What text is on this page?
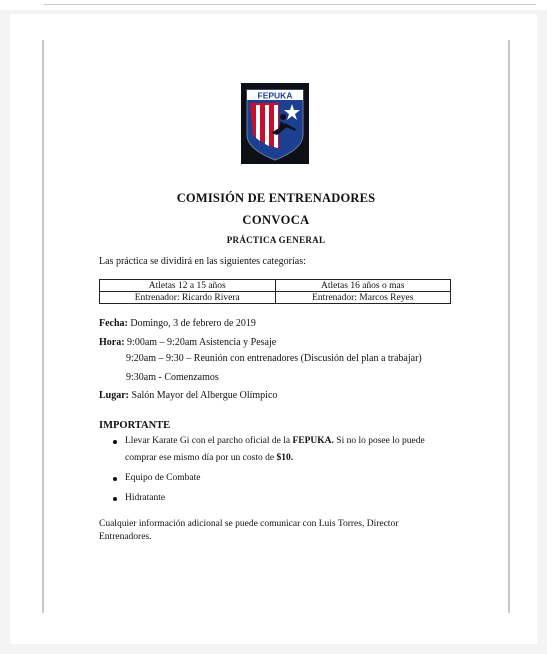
FEPUKA
COMISIÓN DE ENTRENADORES
CONVOCA
PRÁCTICA GENERAL
Las práctica se dividirá en las siguientes categorías:
Atletas 12 a 15 años	Atletas 16 años o mas
Entrenador: Ricardo Rivera	Entrenador: Marcos Reyes
Fecha: Domingo, 3 de febrero de 2019
Hora: 9:00am – 9:20am Asistencia y Pesaje
9:20am – 9:30 – Reunión con entrenadores (Discusión del plan a trabajar)
9:30am - Comenzamos
Lugar: Salón Mayor del Albergue Olímpico
IMPORTANTE
Llevar Karate Gi con el parcho oficial de la FEPUKA. Si no lo posee lo puede comprar ese mismo día por un costo de $10.
Equipo de Combate
Hidratante
Cualquier información adicional se puede comunicar con Luis Torres, Director Entrenadores.
